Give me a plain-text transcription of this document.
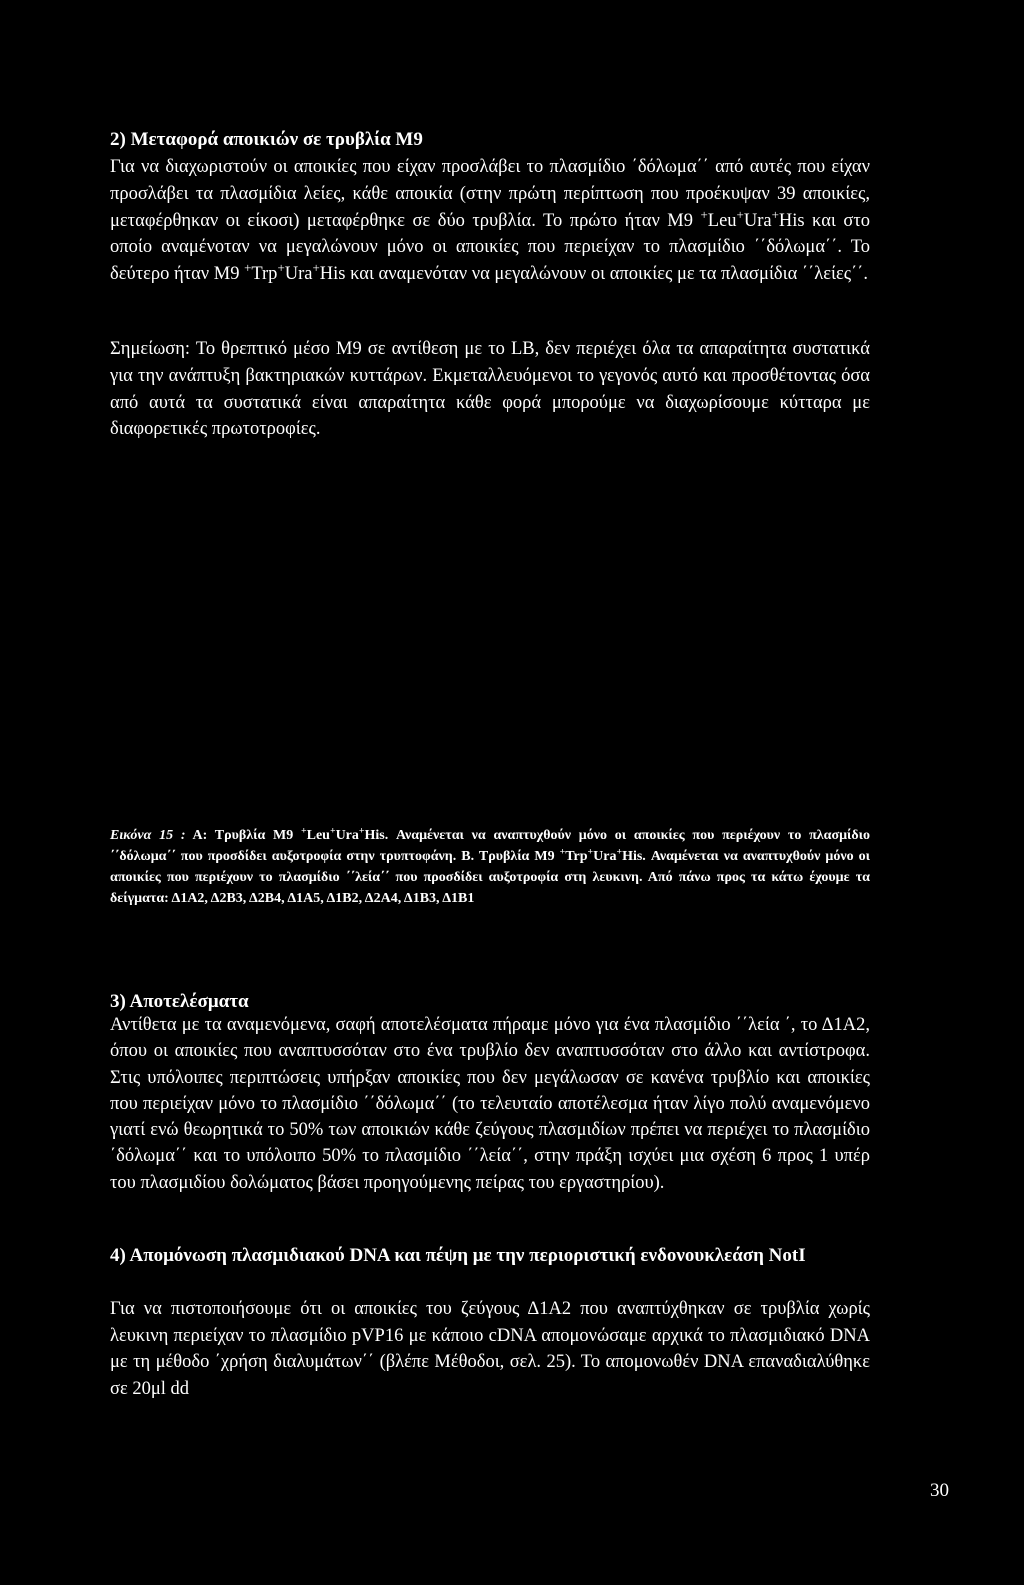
2) Μεταφορά αποικιών σε τρυβλία Μ9
Για να διαχωριστούν οι αποικίες που είχαν προσλάβει το πλασμίδιο ΄δόλωμα΄΄ από αυτές που είχαν προσλάβει τα πλασμίδια λείες, κάθε αποικία (στην πρώτη περίπτωση που προέκυψαν 39 αποικίες, μεταφέρθηκαν οι είκοσι) μεταφέρθηκε σε δύο τρυβλία. Το πρώτο ήταν Μ9 +Leu+Ura+His και στο οποίο αναμένοταν να μεγαλώνουν μόνο οι αποικίες που περιείχαν το πλασμίδιο ΄΄δόλωμα΄΄. Το δεύτερο ήταν Μ9 +Trp+Ura+His και αναμενόταν να μεγαλώνουν οι αποικίες με τα πλασμίδια ΄΄λείες΄΄.
Σημείωση: Το θρεπτικό μέσο Μ9 σε αντίθεση με το LB, δεν περιέχει όλα τα απαραίτητα συστατικά για την ανάπτυξη βακτηριακών κυττάρων. Εκμεταλλευόμενοι το γεγονός αυτό και προσθέτοντας όσα από αυτά τα συστατικά είναι απαραίτητα κάθε φορά μπορούμε να διαχωρίσουμε κύτταρα με διαφορετικές πρωτοτροφίες.
Εικόνα 15 : Α: Τρυβλία Μ9 +Leu+Ura+His. Αναμένεται να αναπτυχθούν μόνο οι αποικίες που περιέχουν το πλασμίδιο ΄΄δόλωμα΄΄ που προσδίδει αυξοτροφία στην τρυπτοφάνη. Β. Τρυβλία Μ9 +Trp+Ura+His. Αναμένεται να αναπτυχθούν μόνο οι αποικίες που περιέχουν το πλασμίδιο ΄΄λεία΄΄ που προσδίδει αυξοτροφία στη λευκινη. Από πάνω προς τα κάτω έχουμε τα δείγματα: Δ1Α2, Δ2Β3, Δ2Β4, Δ1Α5, Δ1Β2, Δ2Α4, Δ1Β3, Δ1Β1
3) Αποτελέσματα
Αντίθετα με τα αναμενόμενα, σαφή αποτελέσματα πήραμε μόνο για ένα πλασμίδιο ΄΄λεία ΄, το Δ1Α2, όπου οι αποικίες που αναπτυσσόταν στο ένα τρυβλίο δεν αναπτυσσόταν στο άλλο και αντίστροφα. Στις υπόλοιπες περιπτώσεις υπήρξαν αποικίες που δεν μεγάλωσαν σε κανένα τρυβλίο και αποικίες που περιείχαν μόνο το πλασμίδιο ΄΄δόλωμα΄΄ (το τελευταίο αποτέλεσμα ήταν λίγο πολύ αναμενόμενο γιατί ενώ θεωρητικά το 50% των αποικιών κάθε ζεύγους πλασμιδίων πρέπει να περιέχει το πλασμίδιο ΄δόλωμα΄΄ και το υπόλοιπο 50% το πλασμίδιο ΄΄λεία΄΄, στην πράξη ισχύει μια σχέση 6 προς 1 υπέρ του πλασμιδίου δολώματος βάσει προηγούμενης πείρας του εργαστηρίου).
4) Απομόνωση πλασμιδιακού DNA και πέψη με την περιοριστική ενδονουκλεάση NotI
Για να πιστοποιήσουμε ότι οι αποικίες του ζεύγους Δ1Α2 που αναπτύχθηκαν σε τρυβλία χωρίς λευκινη περιείχαν το πλασμίδιο pVP16 με κάποιο cDNA απομονώσαμε αρχικά το πλασμιδιακό DNA με τη μέθοδο ΄χρήση διαλυμάτων΄΄ (βλέπε Μέθοδοι, σελ. 25). Το απομονωθέν DNA επαναδιαλύθηκε σε 20μl dd
30
